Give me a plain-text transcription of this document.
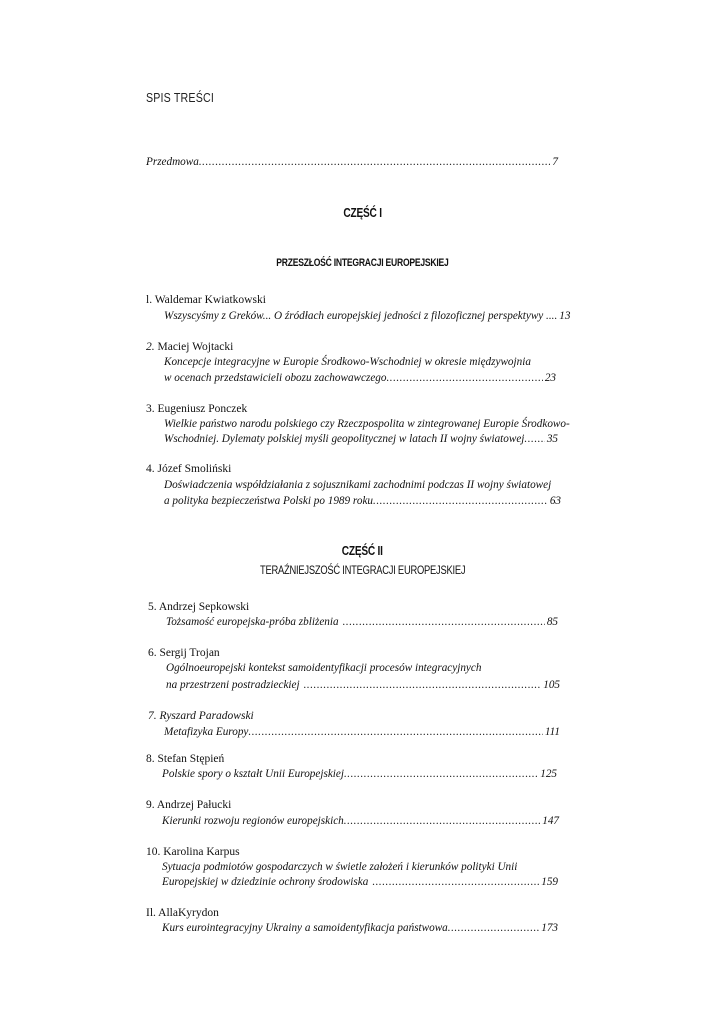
SPIS TREŚCI
Przedmowa .....	7
CZĘŚĆ I
PRZESZŁOŚĆ INTEGRACJI EUROPEJSKIEJ
l. Waldemar Kwiatkowski
Wszyscyśmy z Greków... O źródłach europejskiej jedności z filozoficznej perspektywy .... 13
2. Maciej Wojtacki
Koncepcje integracyjne w Europie Środkowo-Wschodniej w okresie międzywojnia
w ocenach przedstawicieli obozu zachowawczego .....	23
3. Eugeniusz Ponczek
Wielkie państwo narodu polskiego czy Rzeczpospolita w zintegrowanej Europie Środkowo-
Wschodniej. Dylematy polskiej myśli geopolitycznej w latach II wojny światowej ..... 35
4. Józef Smoliński
Doświadczenia współdziałania z sojusznikami zachodnimi podczas II wojny światowej
a polityka bezpieczeństwa Polski po 1989 roku .....	63
CZĘŚĆ II
TERAŹNIEJSZOŚĆ INTEGRACJI EUROPEJSKIEJ
5. Andrzej Sepkowski
Tożsamość europejska-próba zbliżenia .....	85
6. Sergij Trojan
Ogólnoeuropejski kontekst samoidentyfikacji procesów integracyjnych
na przestrzeni postradzieckiej .....	105
7. Ryszard Paradowski
Metafizyka Europy .....	111
8. Stefan Stępień
Polskie spory o kształt Unii Europejskiej .....	125
9. Andrzej Pałucki
Kierunki rozwoju regionów europejskich .....	147
10. Karolina Karpus
Sytuacja podmiotów gospodarczych w świetle założeń i kierunków polityki Unii
Europejskiej w dziedzinie ochrony środowiska .....	159
Il. AllaKyrydon
Kurs eurointegracyjny Ukrainy a samoidentyfikacja państwowa .....	173
